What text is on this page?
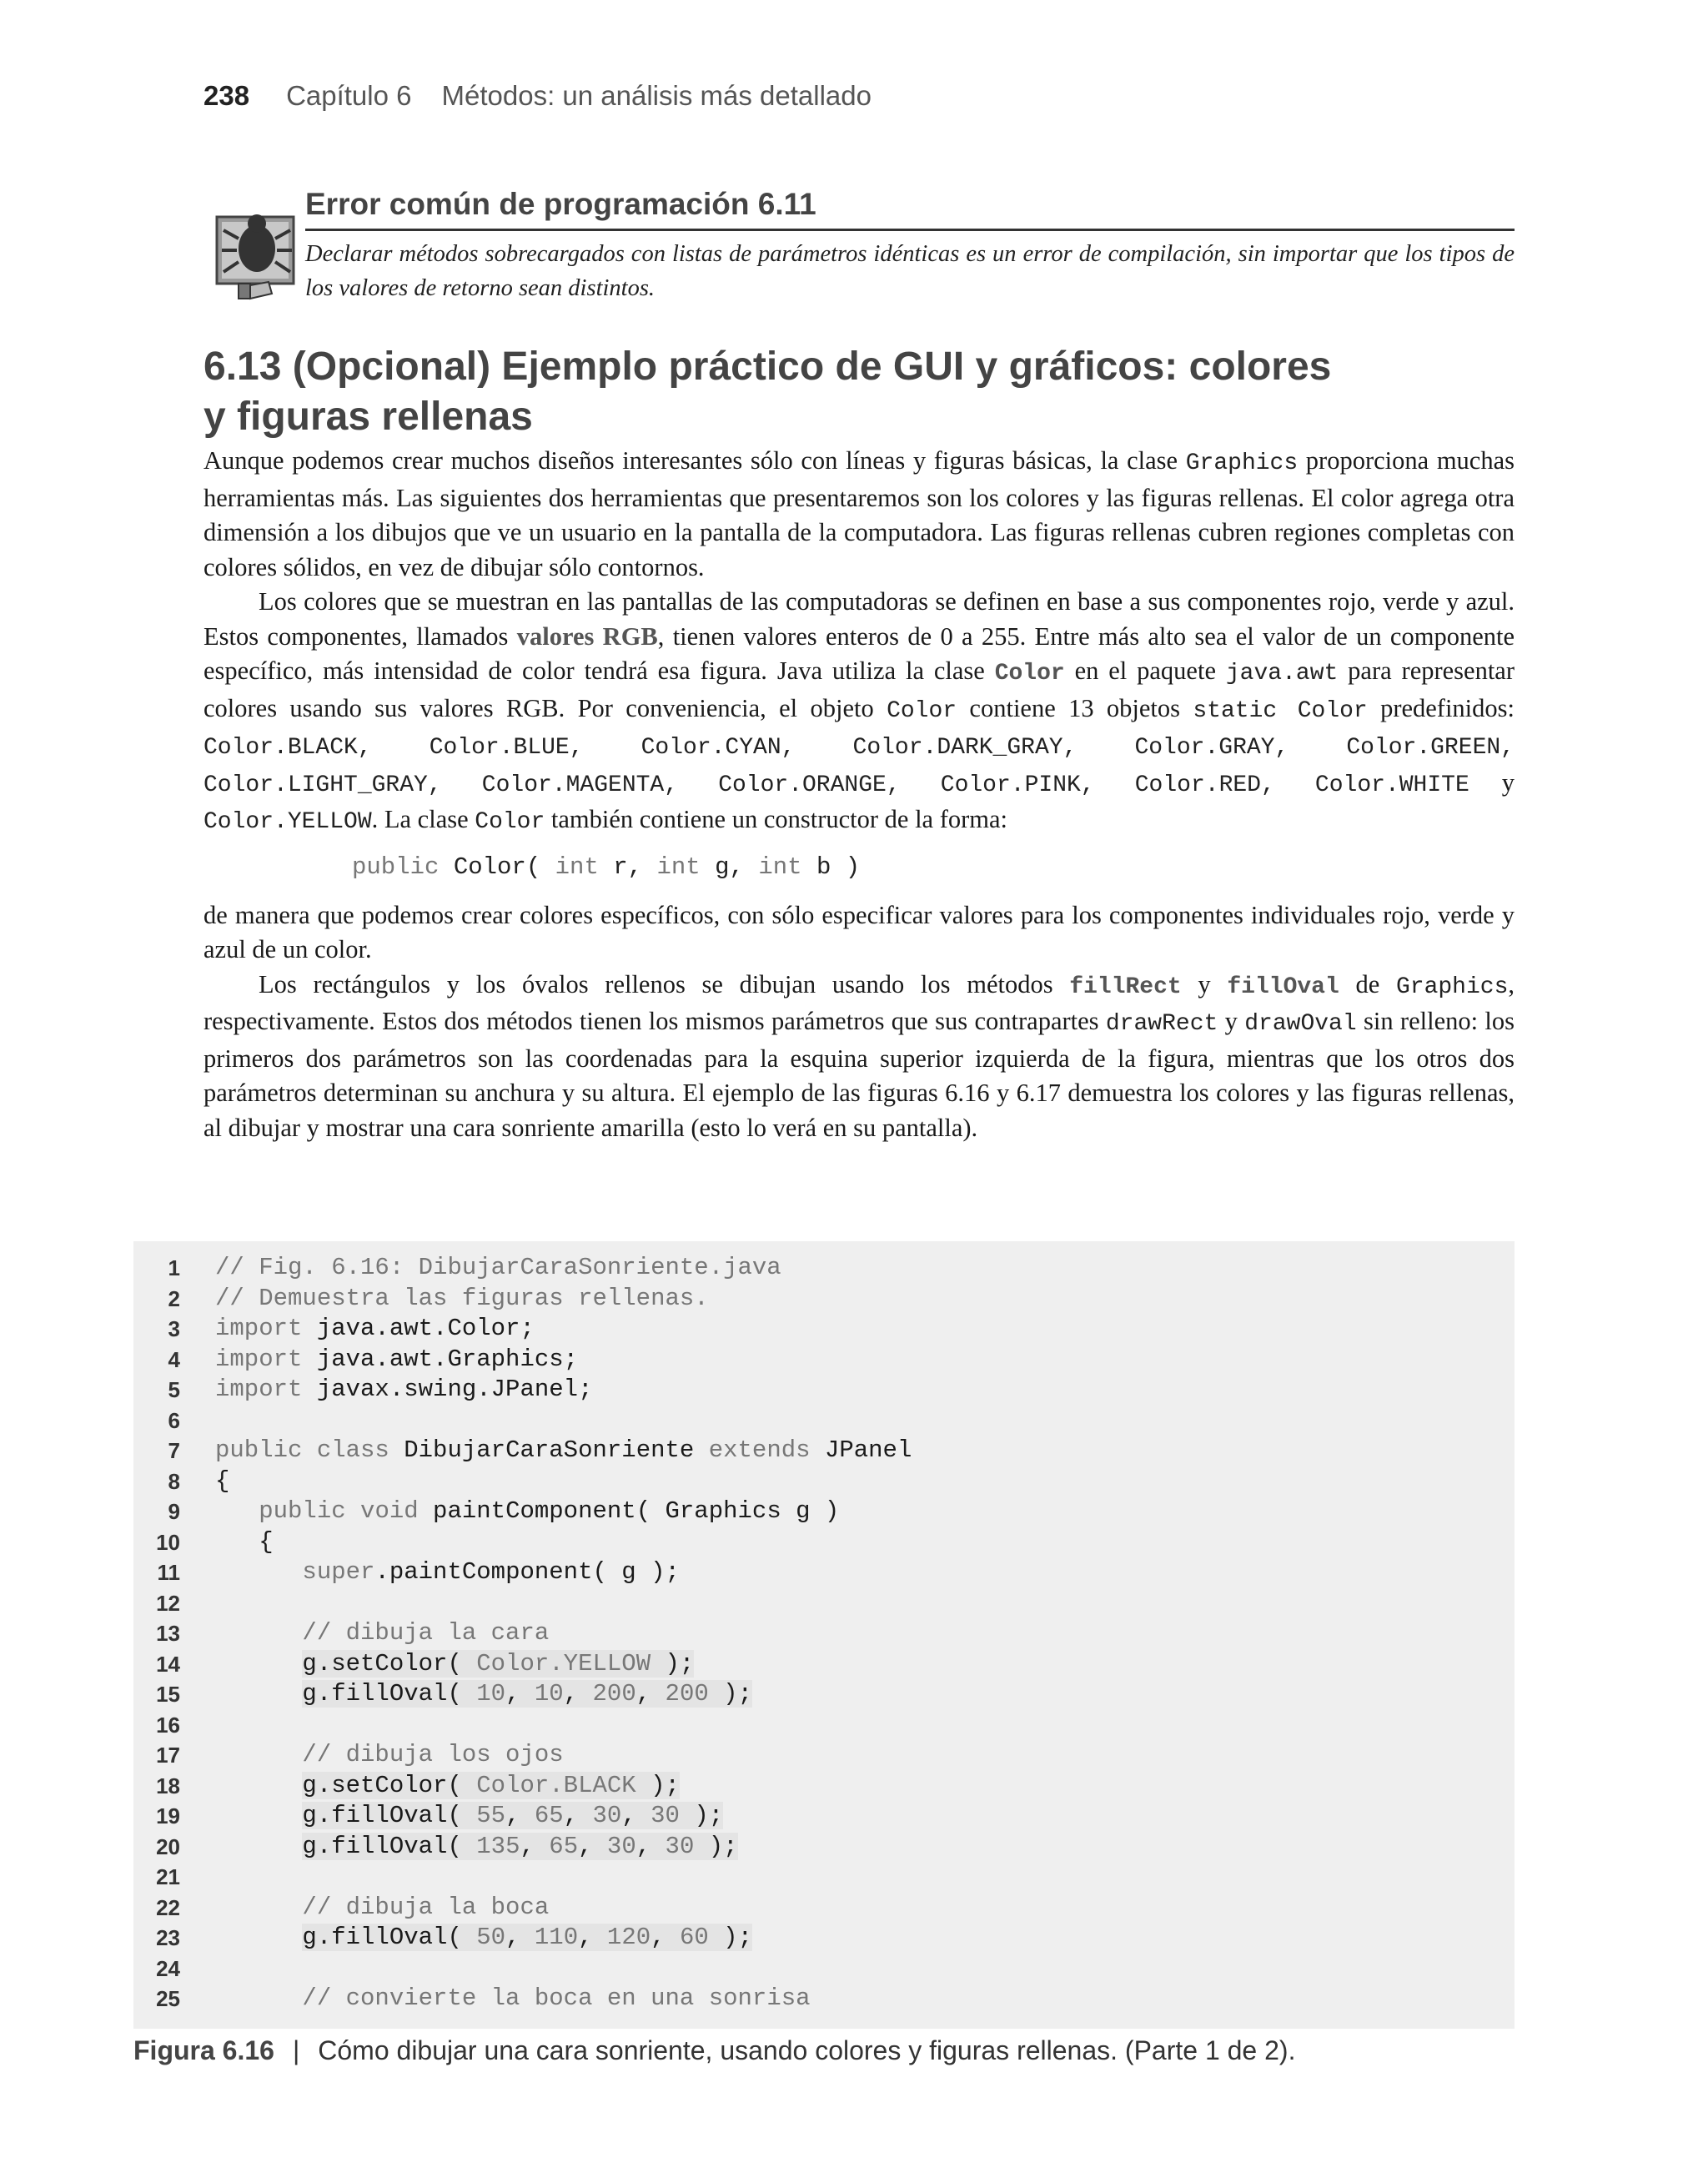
238 Capítulo 6 Métodos: un análisis más detallado
Error común de programación 6.11
Declarar métodos sobrecargados con listas de parámetros idénticas es un error de compilación, sin importar que los tipos de los valores de retorno sean distintos.
6.13 (Opcional) Ejemplo práctico de GUI y gráficos: colores
y figuras rellenas

Aunque podemos crear muchos diseños interesantes sólo con líneas y figuras básicas, la clase Graphics proporciona muchas herramientas más. Las siguientes dos herramientas que presentaremos son los colores y las figuras rellenas. El color agrega otra dimensión a los dibujos que ve un usuario en la pantalla de la computadora. Las figuras rellenas cubren regiones completas con colores sólidos, en vez de dibujar sólo contornos.

Los colores que se muestran en las pantallas de las computadoras se definen en base a sus componentes rojo, verde y azul. Estos componentes, llamados valores RGB, tienen valores enteros de 0 a 255. Entre más alto sea el valor de un componente específico, más intensidad de color tendrá esa figura. Java utiliza la clase Color en el paquete java.awt para representar colores usando sus valores RGB. Por conveniencia, el objeto Color contiene 13 objetos static Color predefinidos: Color.BLACK, Color.BLUE, Color.CYAN, Color.DARK_GRAY, Color.GRAY, Color.GREEN, Color.LIGHT_GRAY, Color.MAGENTA, Color.ORANGE, Color.PINK, Color.RED, Color.WHITE y Color.YELLOW. La clase Color también contiene un constructor de la forma:

public Color( int r, int g, int b )

de manera que podemos crear colores específicos, con sólo especificar valores para los componentes individuales rojo, verde y azul de un color.

Los rectángulos y los óvalos rellenos se dibujan usando los métodos fillRect y fillOval de Graphics, respectivamente. Estos dos métodos tienen los mismos parámetros que sus contrapartes drawRect y drawOval sin relleno: los primeros dos parámetros son las coordenadas para la esquina superior izquierda de la figura, mientras que los otros dos parámetros determinan su anchura y su altura. El ejemplo de las figuras 6.16 y 6.17 demuestra los colores y las figuras rellenas, al dibujar y mostrar una cara sonriente amarilla (esto lo verá en su pantalla).

1	// Fig. 6.16: DibujarCaraSonriente.java
2	// Demuestra las figuras rellenas.
3	import java.awt.Color;
4	import java.awt.Graphics;
5	import javax.swing.JPanel;
6
7	public class DibujarCaraSonriente extends JPanel
8	{
9	public void paintComponent( Graphics g )
10	{
11	super.paintComponent( g );
12
13	// dibuja la cara
14	g.setColor( Color.YELLOW );
15	g.fillOval( 10, 10, 200, 200 );
16
17	// dibuja los ojos
18	g.setColor( Color.BLACK );
19	g.fillOval( 55, 65, 30, 30 );
20	g.fillOval( 135, 65, 30, 30 );
21
22	// dibuja la boca
23	g.fillOval( 50, 110, 120, 60 );
24
25	// convierte la boca en una sonrisa
Figura 6.16 | Cómo dibujar una cara sonriente, usando colores y figuras rellenas. (Parte 1 de 2).
